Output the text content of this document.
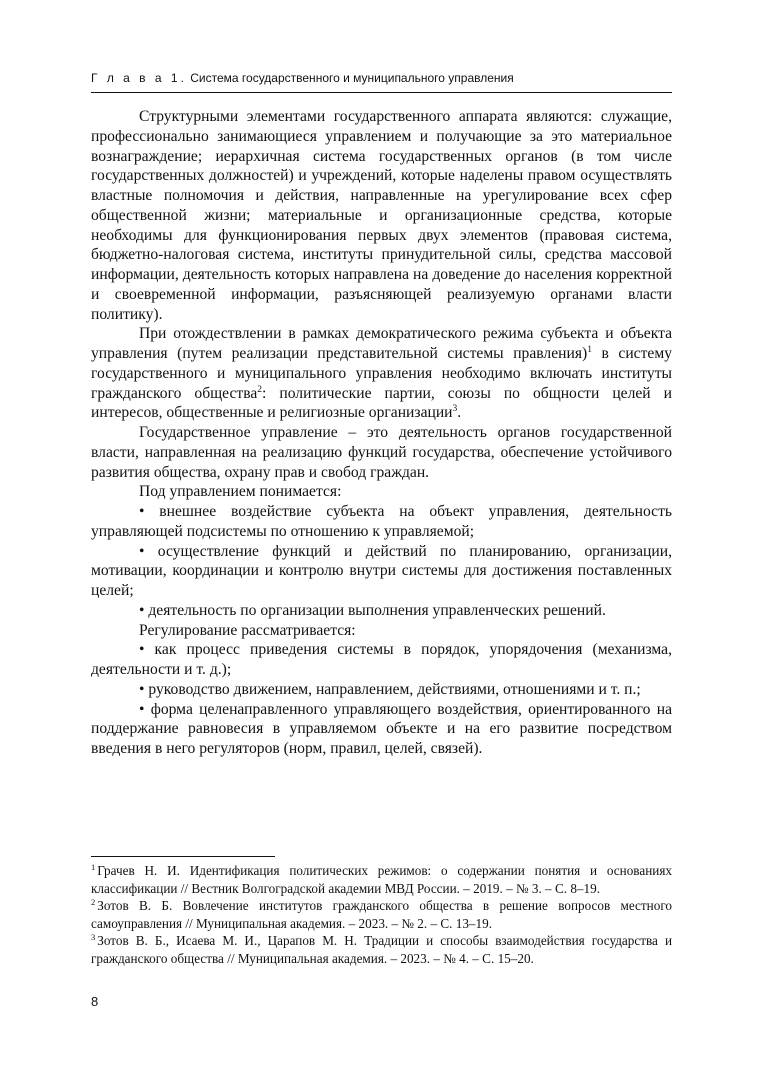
Г л а в а 1. Система государственного и муниципального управления

Структурными элементами государственного аппарата являются: служащие, профессионально занимающиеся управлением и получающие за это материальное вознаграждение; иерархичная система государственных органов (в том числе государственных должностей) и учреждений, которые наделены правом осуществлять властные полномочия и действия, направленные на урегулирование всех сфер общественной жизни; материальные и организационные средства, которые необходимы для функционирования первых двух элементов (правовая система, бюджетно-налоговая система, институты принудительной силы, средства массовой информации, деятельность которых направлена на доведение до населения корректной и своевременной информации, разъясняющей реализуемую органами власти политику).

При отождествлении в рамках демократического режима субъекта и объекта управления (путем реализации представительной системы правления)$^1$ в систему государственного и муниципального управления необходимо включать институты гражданского общества$^2$: политические партии, союзы по общности целей и интересов, общественные и религиозные организации$^3$.

Государственное управление – это деятельность органов государственной власти, направленная на реализацию функций государства, обеспечение устойчивого развития общества, охрану прав и свобод граждан.

Под управлением понимается:

• внешнее воздействие субъекта на объект управления, деятельность управляющей подсистемы по отношению к управляемой;

• осуществление функций и действий по планированию, организации, мотивации, координации и контролю внутри системы для достижения поставленных целей;

• деятельность по организации выполнения управленческих решений.

Регулирование рассматривается:

• как процесс приведения системы в порядок, упорядочения (механизма, деятельности и т. д.);

• руководство движением, направлением, действиями, отношениями и т. п.;

• форма целенаправленного управляющего воздействия, ориентированного на поддержание равновесия в управляемом объекте и на его развитие посредством введения в него регуляторов (норм, правил, целей, связей).

$^1$ Грачев Н. И. Идентификация политических режимов: о содержании понятия и основаниях классификации // Вестник Волгоградской академии МВД России. – 2019. – № 3. – С. 8–19.

$^2$ Зотов В. Б. Вовлечение институтов гражданского общества в решение вопросов местного самоуправления // Муниципальная академия. – 2023. – № 2. – С. 13–19.

$^3$ Зотов В. Б., Исаева М. И., Царапов М. Н. Традиции и способы взаимодействия государства и гражданского общества // Муниципальная академия. – 2023. – № 4. – С. 15–20.

8
